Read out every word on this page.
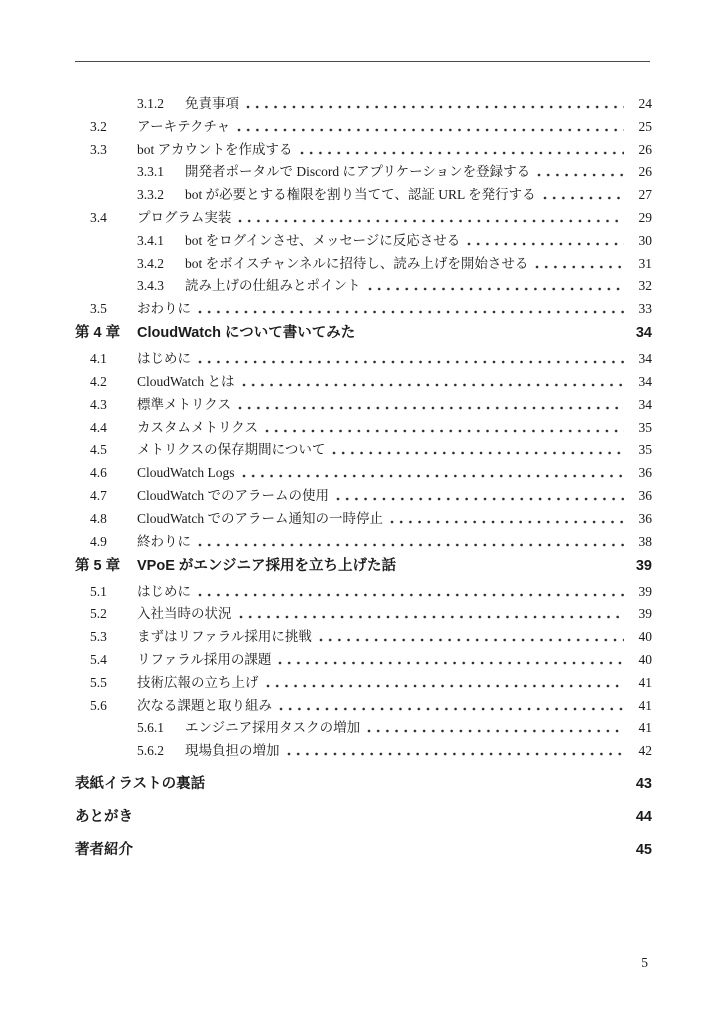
3.1.2	免責事項	24
3.2	アーキテクチャ	25
3.3	bot アカウントを作成する	26
3.3.1	開発者ポータルで Discord にアプリケーションを登録する	26
3.3.2	bot が必要とする権限を割り当てて、認証 URL を発行する	27
3.4	プログラム実装	29
3.4.1	bot をログインさせ、メッセージに反応させる	30
3.4.2	bot をボイスチャンネルに招待し、読み上げを開始させる	31
3.4.3	読み上げの仕組みとポイント	32
3.5	おわりに	33
第 4 章	CloudWatch について書いてみた	34
4.1	はじめに	34
4.2	CloudWatch とは	34
4.3	標準メトリクス	34
4.4	カスタムメトリクス	35
4.5	メトリクスの保存期間について	35
4.6	CloudWatch Logs	36
4.7	CloudWatch でのアラームの使用	36
4.8	CloudWatch でのアラーム通知の一時停止	36
4.9	終わりに	38
第 5 章	VPoE がエンジニア採用を立ち上げた話	39
5.1	はじめに	39
5.2	入社当時の状況	39
5.3	まずはリファラル採用に挑戦	40
5.4	リファラル採用の課題	40
5.5	技術広報の立ち上げ	41
5.6	次なる課題と取り組み	41
5.6.1	エンジニア採用タスクの増加	41
5.6.2	現場負担の増加	42
表紙イラストの裏話	43
あとがき	44
著者紹介	45
5
